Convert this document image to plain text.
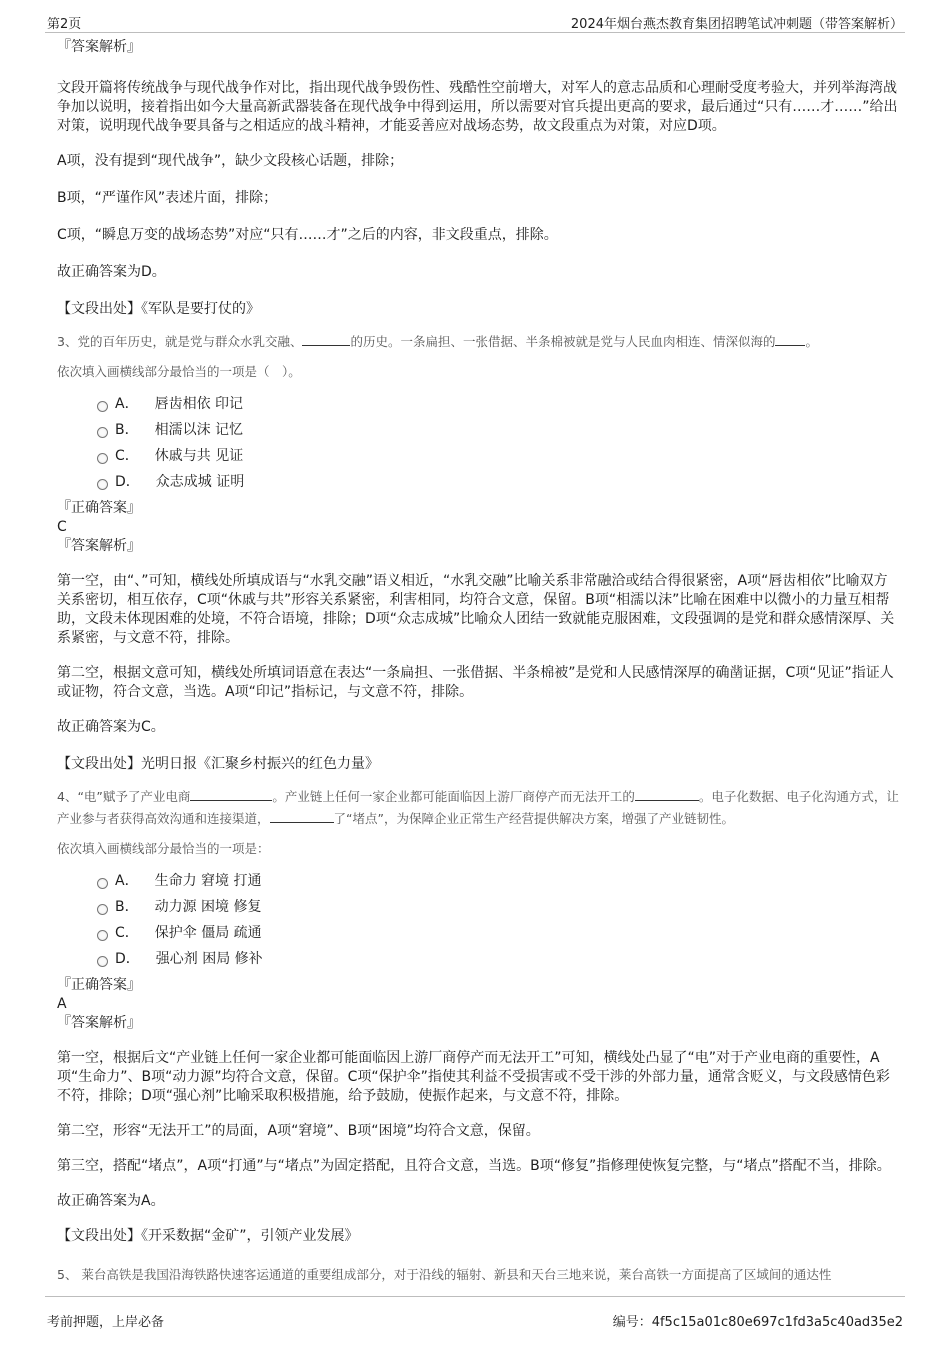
第2页	2024年烟台燕杰教育集团招聘笔试冲刺题（带答案解析）

『答案解析』

文段开篇将传统战争与现代战争作对比，指出现代战争毁伤性、残酷性空前增大，对军人的意志品质和心理耐受度考验大，并列举海湾战争加以说明，接着指出如今大量高新武器装备在现代战争中得到运用，所以需要对官兵提出更高的要求，最后通过“只有……才……”给出对策，说明现代战争要具备与之相适应的战斗精神，才能妥善应对战场态势，故文段重点为对策，对应D项。

A项，没有提到“现代战争”，缺少文段核心话题，排除；

B项，“严谨作风”表述片面，排除；

C项，“瞬息万变的战场态势”对应“只有……才”之后的内容，非文段重点，排除。

故正确答案为D。

【文段出处】《军队是要打仗的》

3、党的百年历史，就是党与群众水乳交融、	的历史。一条扁担、一张借据、半条棉被就是党与人民血肉相连、情深似海的 。

依次填入画横线部分最恰当的一项是（　）。

A． 唇齿相依 印记
B． 相濡以沫 记忆
C． 休戚与共 见证
D． 众志成城 证明

『正确答案』

C

『答案解析』

第一空，由“、”可知，横线处所填成语与“水乳交融”语义相近，“水乳交融”比喻关系非常融洽或结合得很紧密，A项“唇齿相依”比喻双方关系密切，相互依存，C项“休戚与共”形容关系紧密，利害相同，均符合文意，保留。B项“相濡以沫”比喻在困难中以微小的力量互相帮助，文段未体现困难的处境，不符合语境，排除；D项“众志成城”比喻众人团结一致就能克服困难，文段强调的是党和群众感情深厚、关系紧密，与文意不符，排除。

第二空，根据文意可知，横线处所填词语意在表达“一条扁担、一张借据、半条棉被”是党和人民感情深厚的确凿证据，C项“见证”指证人或证物，符合文意，当选。A项“印记”指标记，与文意不符，排除。

故正确答案为C。

【文段出处】光明日报《汇聚乡村振兴的红色力量》

4、“电”赋予了产业电商	。产业链上任何一家企业都可能面临因上游厂商停产而无法开工的	。电子化数据、电子化沟通方式，让产业参与者获得高效沟通和连接渠道，	了“堵点”，为保障企业正常生产经营提供解决方案，增强了产业链韧性。

依次填入画横线部分最恰当的一项是：

A． 生命力 窘境 打通
B． 动力源 困境 修复
C． 保护伞 僵局 疏通
D． 强心剂 困局 修补

『正确答案』

A

『答案解析』

第一空，根据后文“产业链上任何一家企业都可能面临因上游厂商停产而无法开工”可知，横线处凸显了“电”对于产业电商的重要性，A项“生命力”、B项“动力源”均符合文意，保留。C项“保护伞”指使其利益不受损害或不受干涉的外部力量，通常含贬义，与文段感情色彩不符，排除；D项“强心剂”比喻采取积极措施，给予鼓励，使振作起来，与文意不符，排除。

第二空，形容“无法开工”的局面，A项“窘境”、B项“困境”均符合文意，保留。

第三空，搭配“堵点”，A项“打通”与“堵点”为固定搭配，且符合文意，当选。B项“修复”指修理使恢复完整，与“堵点”搭配不当，排除。

故正确答案为A。

【文段出处】《开采数据“金矿”，引领产业发展》

5、 莱台高铁是我国沿海铁路快速客运通道的重要组成部分，对于沿线的辐射、新县和天台三地来说，莱台高铁一方面提高了区域间的通达性

考前押题，上岸必备	编号：4f5c15a01c80e697c1fd3a5c40ad35e2
